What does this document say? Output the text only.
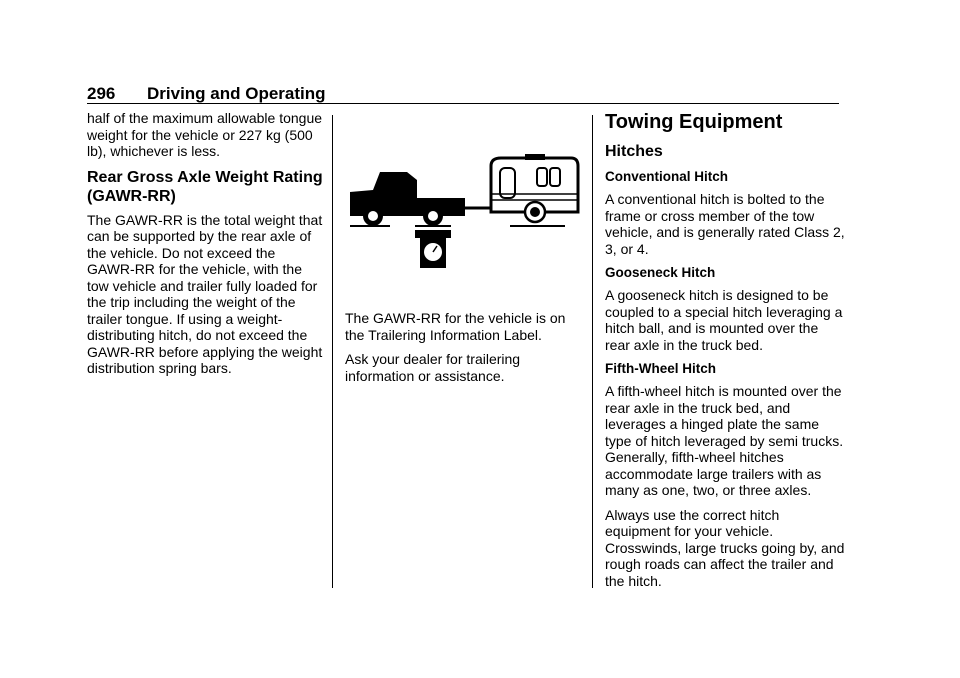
296 Driving and Operating

half of the maximum allowable tongue weight for the vehicle or 227 kg (500 lb), whichever is less.

Rear Gross Axle Weight Rating (GAWR-RR)

The GAWR-RR is the total weight that can be supported by the rear axle of the vehicle. Do not exceed the GAWR-RR for the vehicle, with the tow vehicle and trailer fully loaded for the trip including the weight of the trailer tongue. If using a weight-distributing hitch, do not exceed the GAWR-RR before applying the weight distribution spring bars.

The GAWR-RR for the vehicle is on the Trailering Information Label.

Ask your dealer for trailering information or assistance.

Towing Equipment
Hitches
Conventional Hitch

A conventional hitch is bolted to the frame or cross member of the tow vehicle, and is generally rated Class 2, 3, or 4.

Gooseneck Hitch

A gooseneck hitch is designed to be coupled to a special hitch leveraging a hitch ball, and is mounted over the rear axle in the truck bed.

Fifth-Wheel Hitch

A fifth-wheel hitch is mounted over the rear axle in the truck bed, and leverages a hinged plate the same type of hitch leveraged by semi trucks. Generally, fifth-wheel hitches accommodate large trailers with as many as one, two, or three axles.

Always use the correct hitch equipment for your vehicle. Crosswinds, large trucks going by, and rough roads can affect the trailer and the hitch.
